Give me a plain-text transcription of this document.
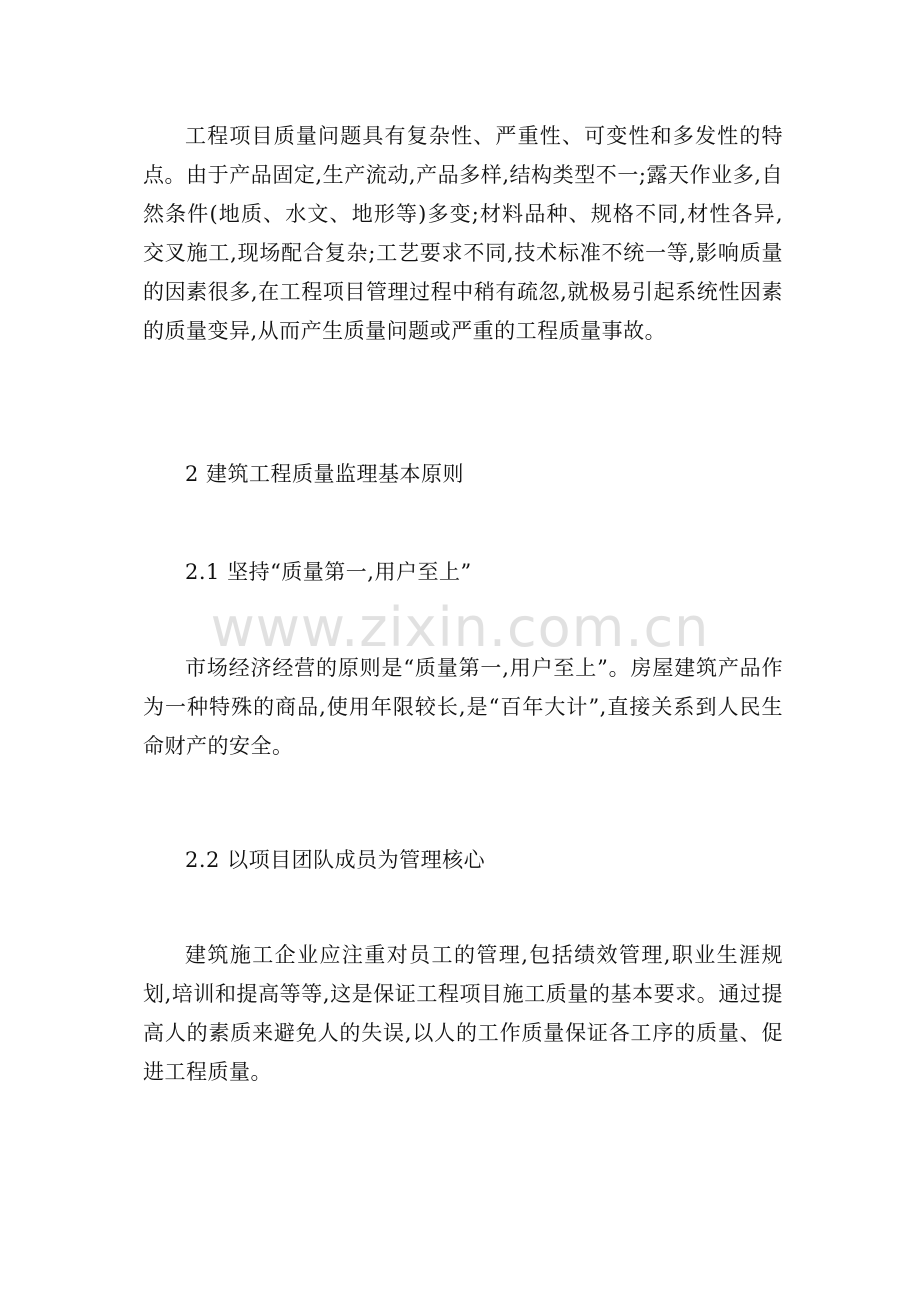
工程项目质量问题具有复杂性、严重性、可变性和多发性的特点。由于产品固定,生产流动,产品多样,结构类型不一;露天作业多,自然条件(地质、水文、地形等)多变;材料品种、规格不同,材性各异,交叉施工,现场配合复杂;工艺要求不同,技术标准不统一等,影响质量的因素很多,在工程项目管理过程中稍有疏忽,就极易引起系统性因素的质量变异,从而产生质量问题或严重的工程质量事故。

2 建筑工程质量监理基本原则

2.1 坚持“质量第一,用户至上”

www.zixin.com.cn

市场经济经营的原则是“质量第一,用户至上”。房屋建筑产品作为一种特殊的商品,使用年限较长,是“百年大计”,直接关系到人民生命财产的安全。

2.2 以项目团队成员为管理核心

建筑施工企业应注重对员工的管理,包括绩效管理,职业生涯规划,培训和提高等等,这是保证工程项目施工质量的基本要求。通过提高人的素质来避免人的失误,以人的工作质量保证各工序的质量、促进工程质量。
